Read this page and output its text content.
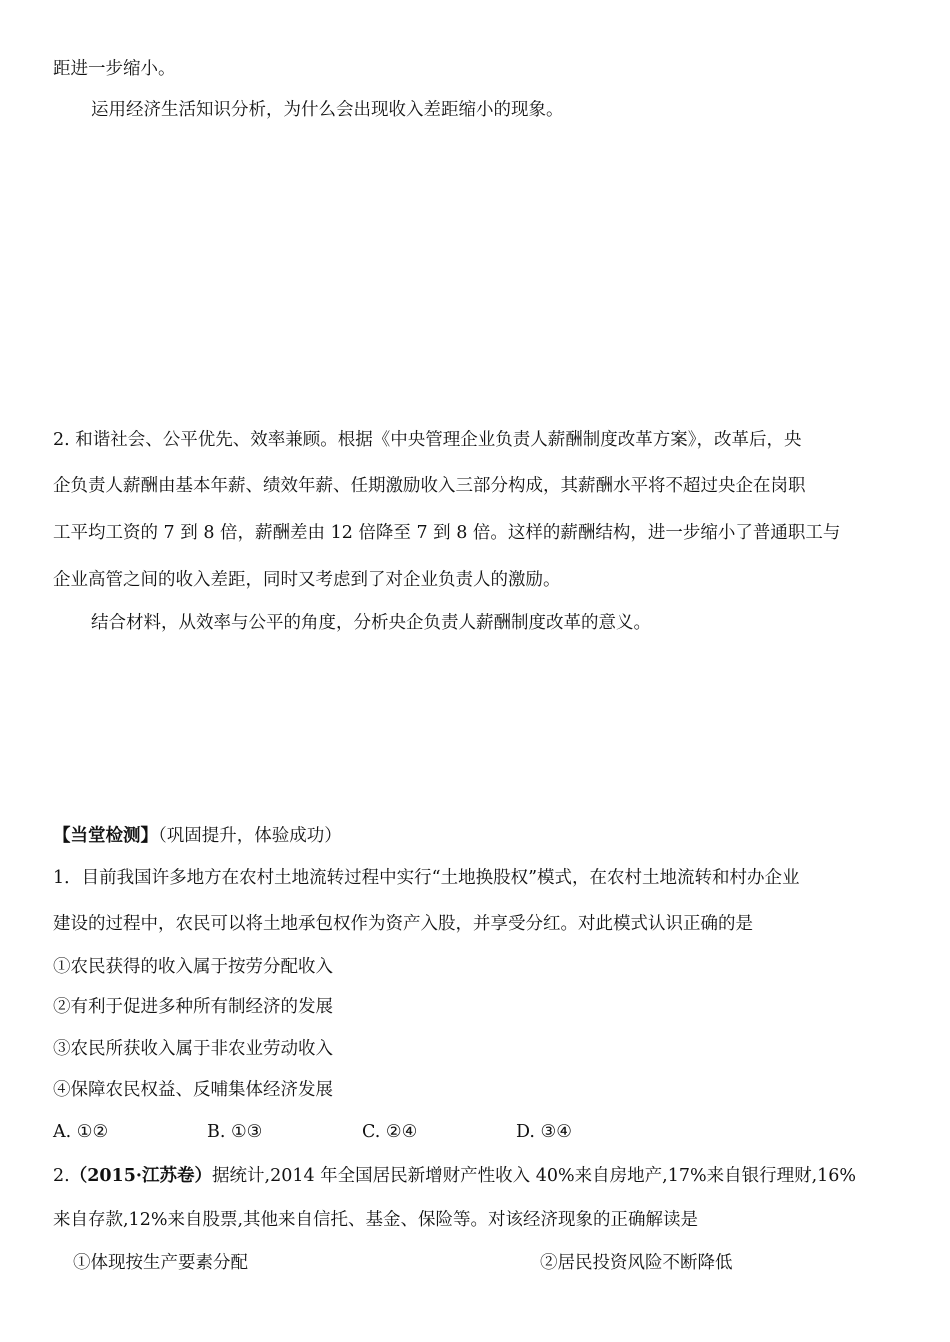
距进一步缩小。
运用经济生活知识分析，为什么会出现收入差距缩小的现象。
2. 和谐社会、公平优先、效率兼顾。根据《中央管理企业负责人薪酬制度改革方案》，改革后，央
企负责人薪酬由基本年薪、绩效年薪、任期激励收入三部分构成，其薪酬水平将不超过央企在岗职
工平均工资的 7 到 8 倍，薪酬差由 12 倍降至 7 到 8 倍。这样的薪酬结构，进一步缩小了普通职工与
企业高管之间的收入差距，同时又考虑到了对企业负责人的激励。
结合材料，从效率与公平的角度，分析央企负责人薪酬制度改革的意义。
【当堂检测】（巩固提升，体验成功）
1．目前我国许多地方在农村土地流转过程中实行“土地换股权”模式，在农村土地流转和村办企业
建设的过程中，农民可以将土地承包权作为资产入股，并享受分红。对此模式认识正确的是
①农民获得的收入属于按劳分配收入
②有利于促进多种所有制经济的发展
③农民所获收入属于非农业劳动收入
④保障农民权益、反哺集体经济发展
A. ①②	B. ①③	C. ②④	D. ③④
2.（2015·江苏卷）据统计,2014 年全国居民新增财产性收入 40%来自房地产,17%来自银行理财,16%
来自存款,12%来自股票,其他来自信托、基金、保险等。对该经济现象的正确解读是
①体现按生产要素分配	②居民投资风险不断降低
